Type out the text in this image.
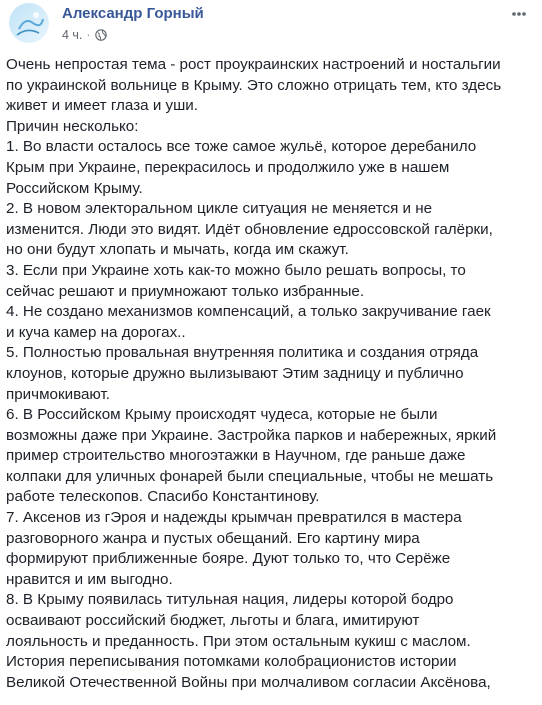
Александр Горный
4 ч. ·
Очень непростая тема - рост проукраинских настроений и ностальгии
по украинской вольнице в Крыму. Это сложно отрицать тем, кто здесь
живет и имеет глаза и уши.
Причин несколько:
1. Во власти осталось все тоже самое жульё, которое деребанило
Крым при Украине, перекрасилось и продолжило уже в нашем
Российском Крыму.
2. В новом электоральном цикле ситуация не меняется и не
изменится. Люди это видят. Идёт обновление едроссовской галёрки,
но они будут хлопать и мычать, когда им скажут.
3. Если при Украине хоть как-то можно было решать вопросы, то
сейчас решают и приумножают только избранные.
4. Не создано механизмов компенсаций, а только закручивание гаек
и куча камер на дорогах..
5. Полностью провальная внутренняя политика и создания отряда
клоунов, которые дружно вылизывают Этим задницу и публично
причмокивают.
6. В Российском Крыму происходят чудеса, которые не были
возможны даже при Украине. Застройка парков и набережных, яркий
пример строительство многоэтажки в Научном, где раньше даже
колпаки для уличных фонарей были специальные, чтобы не мешать
работе телескопов. Спасибо Константинову.
7. Аксенов из гЭроя и надежды крымчан превратился в мастера
разговорного жанра и пустых обещаний. Его картину мира
формируют приближенные бояре. Дуют только то, что Серёже
нравится и им выгодно.
8. В Крыму появилась титульная нация, лидеры которой бодро
осваивают российский бюджет, льготы и блага, имитируют
лояльность и преданность. При этом остальным кукиш с маслом.
История переписывания потомками колобрационистов истории
Великой Отечественной Войны при молчаливом согласии Аксёнова,
